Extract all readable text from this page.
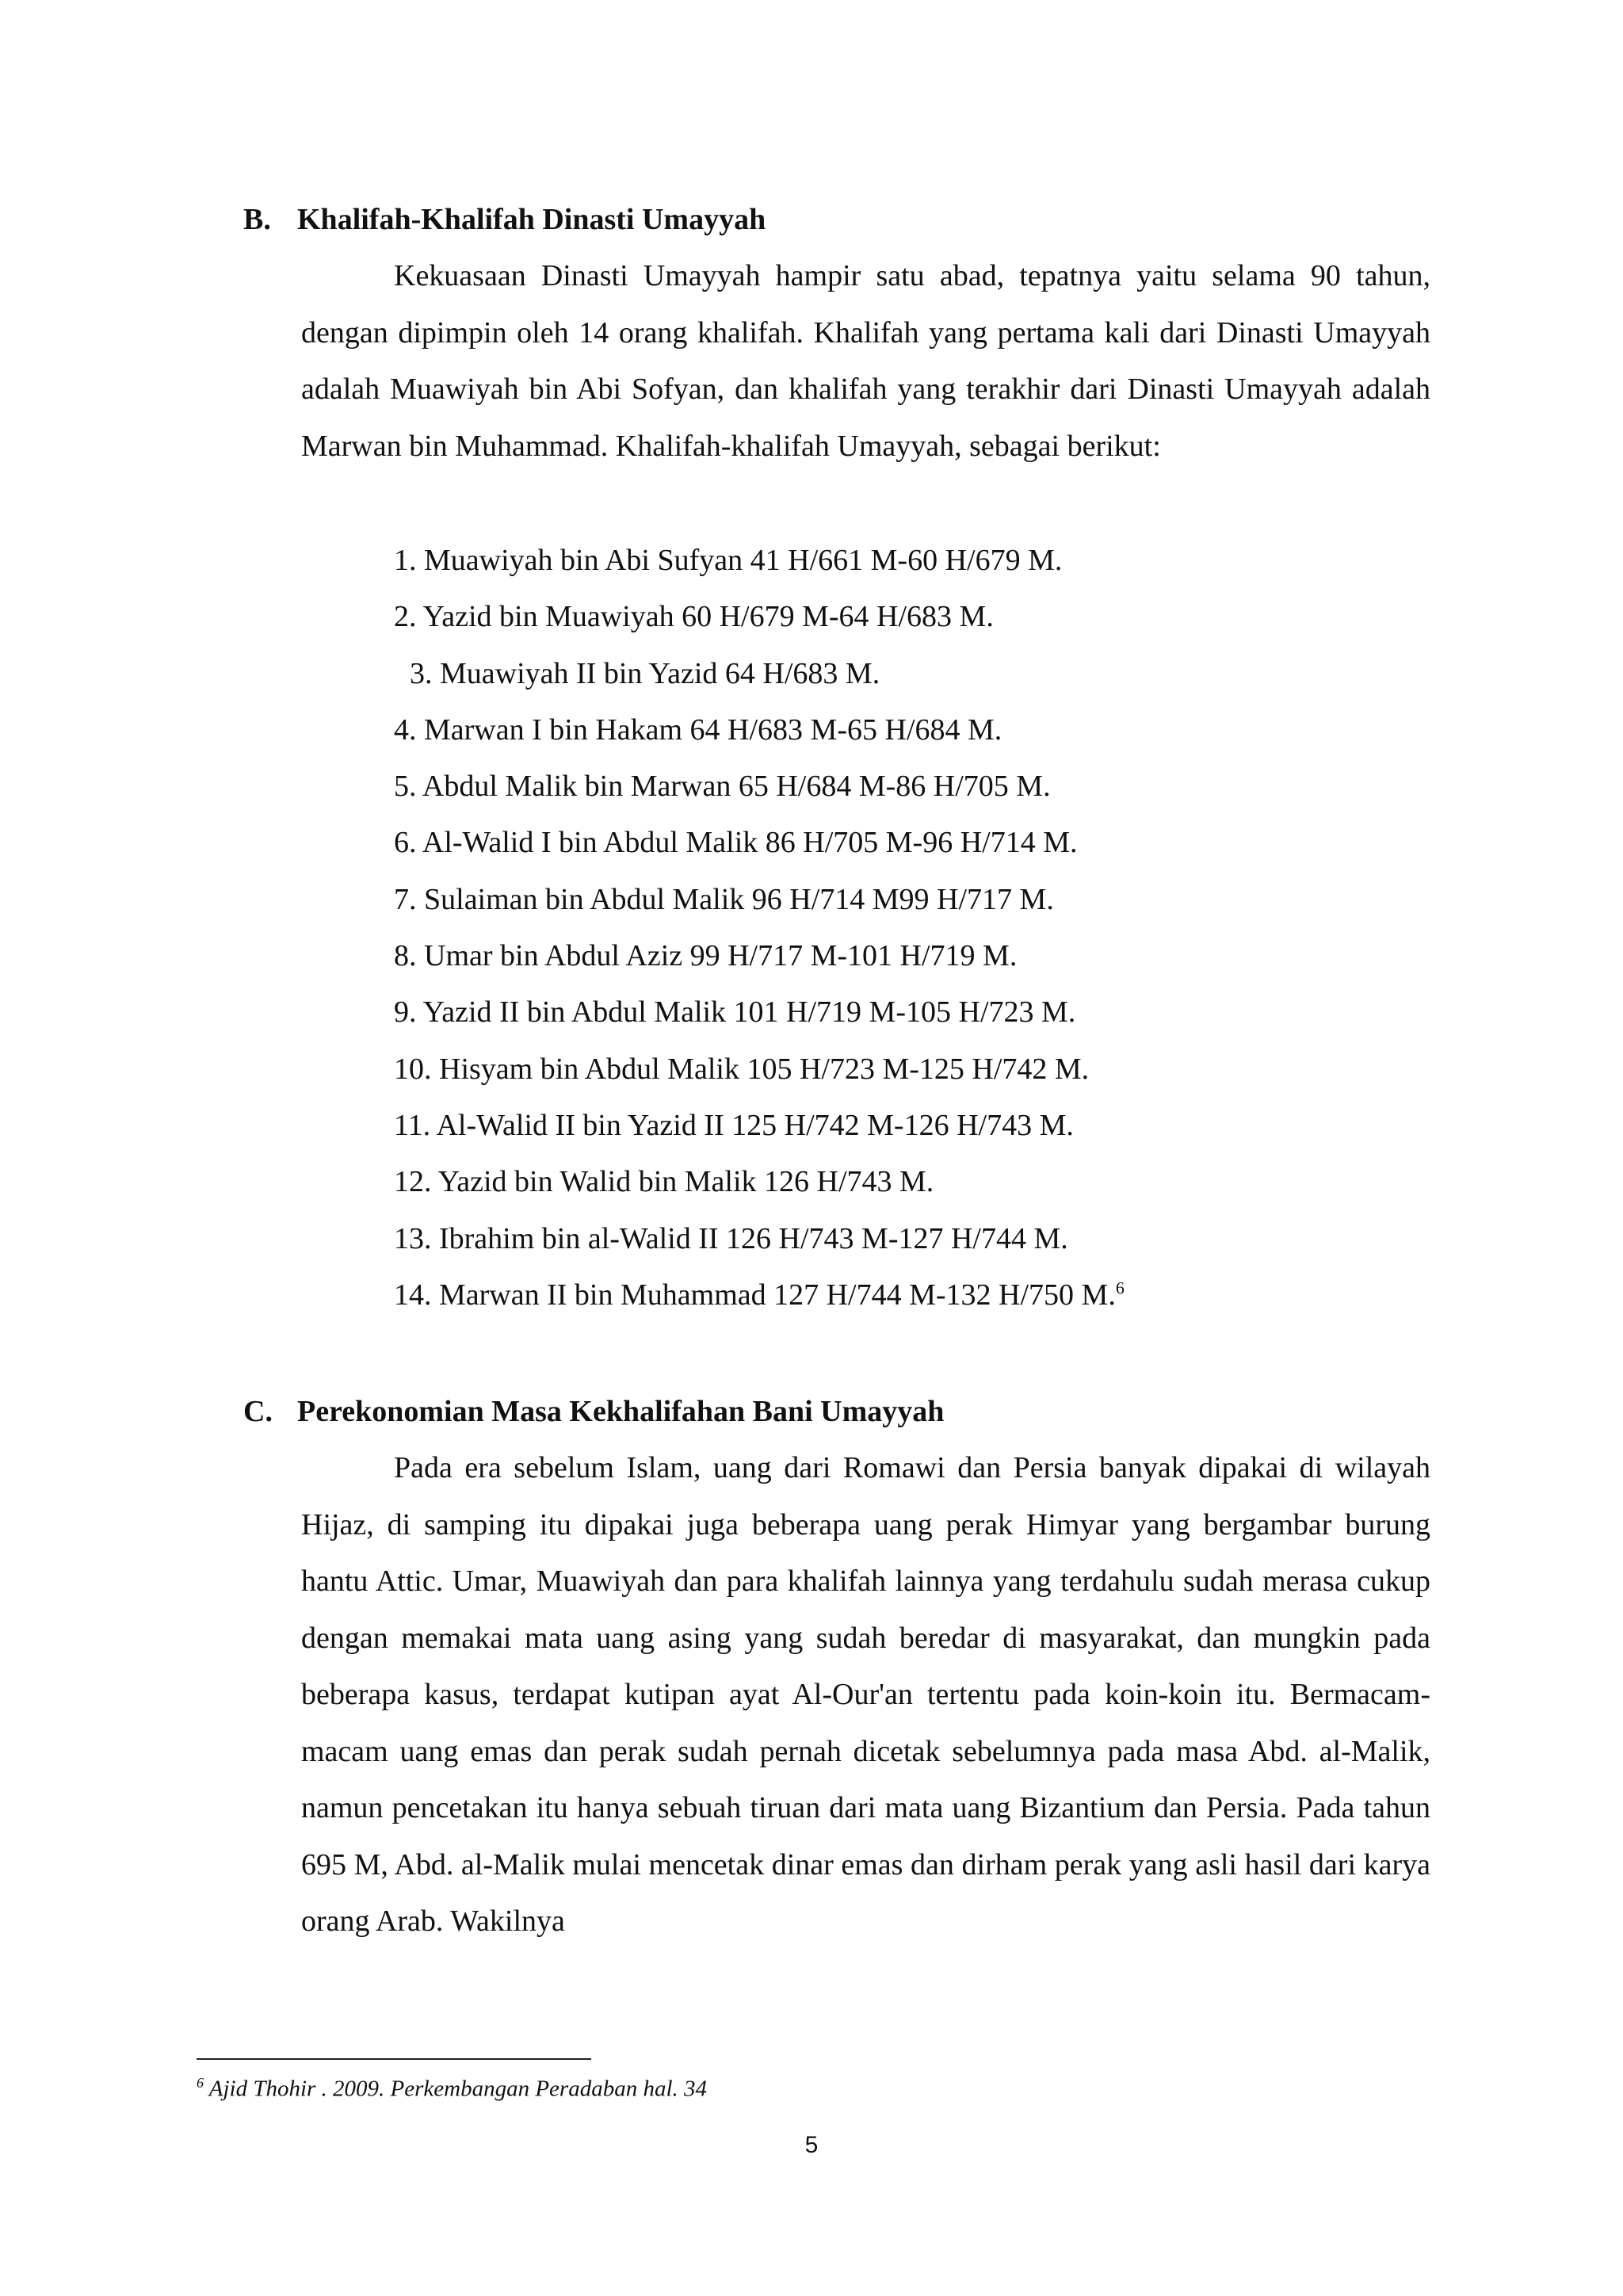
B. Khalifah-Khalifah Dinasti Umayyah

Kekuasaan Dinasti Umayyah hampir satu abad, tepatnya yaitu selama 90 tahun, dengan dipimpin oleh 14 orang khalifah. Khalifah yang pertama kali dari Dinasti Umayyah adalah Muawiyah bin Abi Sofyan, dan khalifah yang terakhir dari Dinasti Umayyah adalah Marwan bin Muhammad. Khalifah-khalifah Umayyah, sebagai berikut:

1. Muawiyah bin Abi Sufyan 41 H/661 M-60 H/679 M.
2. Yazid bin Muawiyah 60 H/679 M-64 H/683 M.
3. Muawiyah II bin Yazid 64 H/683 M.
4. Marwan I bin Hakam 64 H/683 M-65 H/684 M.
5. Abdul Malik bin Marwan 65 H/684 M-86 H/705 M.
6. Al-Walid I bin Abdul Malik 86 H/705 M-96 H/714 M.
7. Sulaiman bin Abdul Malik 96 H/714 M99 H/717 M.
8. Umar bin Abdul Aziz 99 H/717 M-101 H/719 M.
9. Yazid II bin Abdul Malik 101 H/719 M-105 H/723 M.
10. Hisyam bin Abdul Malik 105 H/723 M-125 H/742 M.
11. Al-Walid II bin Yazid II 125 H/742 M-126 H/743 M.
12. Yazid bin Walid bin Malik 126 H/743 M.
13. Ibrahim bin al-Walid II 126 H/743 M-127 H/744 M.
14. Marwan II bin Muhammad 127 H/744 M-132 H/750 M.$^6$
C. Perekonomian Masa Kekhalifahan Bani Umayyah

Pada era sebelum Islam, uang dari Romawi dan Persia banyak dipakai di wilayah Hijaz, di samping itu dipakai juga beberapa uang perak Himyar yang bergambar burung hantu Attic. Umar, Muawiyah dan para khalifah lainnya yang terdahulu sudah merasa cukup dengan memakai mata uang asing yang sudah beredar di masyarakat, dan mungkin pada beberapa kasus, terdapat kutipan ayat Al-Our'an tertentu pada koin-koin itu. Bermacam-macam uang emas dan perak sudah pernah dicetak sebelumnya pada masa Abd. al-Malik, namun pencetakan itu hanya sebuah tiruan dari mata uang Bizantium dan Persia. Pada tahun 695 M, Abd. al-Malik mulai mencetak dinar emas dan dirham perak yang asli hasil dari karya orang Arab. Wakilnya

$^6$ Ajid Thohir . 2009. Perkembangan Peradaban hal. 34
5
